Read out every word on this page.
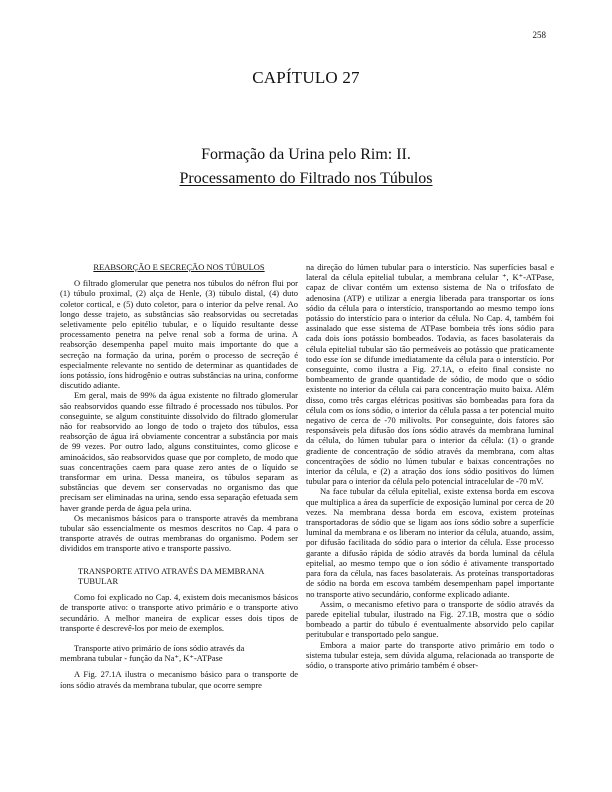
258
CAPÍTULO 27
Formação da Urina pelo Rim: II.
Processamento do Filtrado nos Túbulos
REABSORÇÃO E SECREÇÃO NOS TÚBULOS

O filtrado glomerular que penetra nos túbulos do néfron flui por (1) túbulo proximal, (2) alça de Henle, (3) túbulo distal, (4) duto coletor cortical, e (5) duto coletor, para o interior da pelve renal. Ao longo desse trajeto, as substâncias são reabsorvidas ou secretadas seletivamente pelo epitélio tubular, e o líquido resultante desse processamento penetra na pelve renal sob a forma de urina. A reabsorção desempenha papel muito mais importante do que a secreção na formação da urina, porém o processo de secreção é especialmente relevante no sentido de determinar as quantidades de íons potássio, íons hidrogênio e outras substâncias na urina, conforme discutido adiante.

Em geral, mais de 99% da água existente no filtrado glomerular são reabsorvidos quando esse filtrado é processado nos túbulos. Por conseguinte, se algum constituinte dissolvido do filtrado glomerular não for reabsorvido ao longo de todo o trajeto dos túbulos, essa reabsorção de água irá obviamente concentrar a substância por mais de 99 vezes. Por outro lado, alguns constituintes, como glicose e aminoácidos, são reabsorvidos quase que por completo, de modo que suas concentrações caem para quase zero antes de o líquido se transformar em urina. Dessa maneira, os túbulos separam as substâncias que devem ser conservadas no organismo das que precisam ser eliminadas na urina, sendo essa separação efetuada sem haver grande perda de água pela urina.

Os mecanismos básicos para o transporte através da membrana tubular são essencialmente os mesmos descritos no Cap. 4 para o transporte através de outras membranas do organismo. Podem ser divididos em transporte ativo e transporte passivo.

TRANSPORTE ATIVO ATRAVÉS DA MEMBRANA
TUBULAR

Como foi explicado no Cap. 4, existem dois mecanismos básicos de transporte ativo: o transporte ativo primário e o transporte ativo secundário. A melhor maneira de explicar esses dois tipos de transporte é descrevê-los por meio de exemplos.

Transporte ativo primário de íons sódio através da
membrana tubular - função da Na⁺, K⁺-ATPase

A Fig. 27.1A ilustra o mecanismo básico para o transporte de íons sódio através da membrana tubular, que ocorre sempre

na direção do lúmen tubular para o interstício. Nas superfícies basal e lateral da célula epitelial tubular, a membrana celular ⁺, K⁺-ATPase, capaz de clivar contém um extenso sistema de Na o trifosfato de adenosina (ATP) e utilizar a energia liberada para transportar os íons sódio da célula para o interstício, transportando ao mesmo tempo íons potássio do interstício para o interior da célula. No Cap. 4, também foi assinalado que esse sistema de ATPase bombeia três íons sódio para cada dois íons potássio bombeados. Todavia, as faces basolaterais da célula epitelial tubular são tão permeáveis ao potássio que praticamente todo esse íon se difunde imediatamente da célula para o interstício. Por conseguinte, como ilustra a Fig. 27.1A, o efeito final consiste no bombeamento de grande quantidade de sódio, de modo que o sódio existente no interior da célula cai para concentração muito baixa. Além disso, como três cargas elétricas positivas são bombeadas para fora da célula com os íons sódio, o interior da célula passa a ter potencial muito negativo de cerca de -70 milivolts. Por conseguinte, dois fatores são responsáveis pela difusão dos íons sódio através da membrana luminal da célula, do lúmen tubular para o interior da célula: (1) o grande gradiente de concentração de sódio através da membrana, com altas concentrações de sódio no lúmen tubular e baixas concentrações no interior da célula, e (2) a atração dos íons sódio positivos do lúmen tubular para o interior da célula pelo potencial intracelular de -70 mV.

Na face tubular da célula epitelial, existe extensa borda em escova que multiplica a área da superfície de exposição luminal por cerca de 20 vezes. Na membrana dessa borda em escova, existem proteínas transportadoras de sódio que se ligam aos íons sódio sobre a superfície luminal da membrana e os liberam no interior da célula, atuando, assim, por difusão facilitada do sódio para o interior da célula. Esse processo garante a difusão rápida de sódio através da borda luminal da célula epitelial, ao mesmo tempo que o íon sódio é ativamente transportado para fora da célula, nas faces basolaterais. As proteínas transportadoras de sódio na borda em escova também desempenham papel importante no transporte ativo secundário, conforme explicado adiante.

Assim, o mecanismo efetivo para o transporte de sódio através da parede epitelial tubular, ilustrado na Fig. 27.1B, mostra que o sódio bombeado a partir do túbulo é eventualmente absorvido pelo capilar peritubular e transportado pelo sangue.

Embora a maior parte do transporte ativo primário em todo o sistema tubular esteja, sem dúvida alguma, relacionada ao transporte de sódio, o transporte ativo primário também é obser-
